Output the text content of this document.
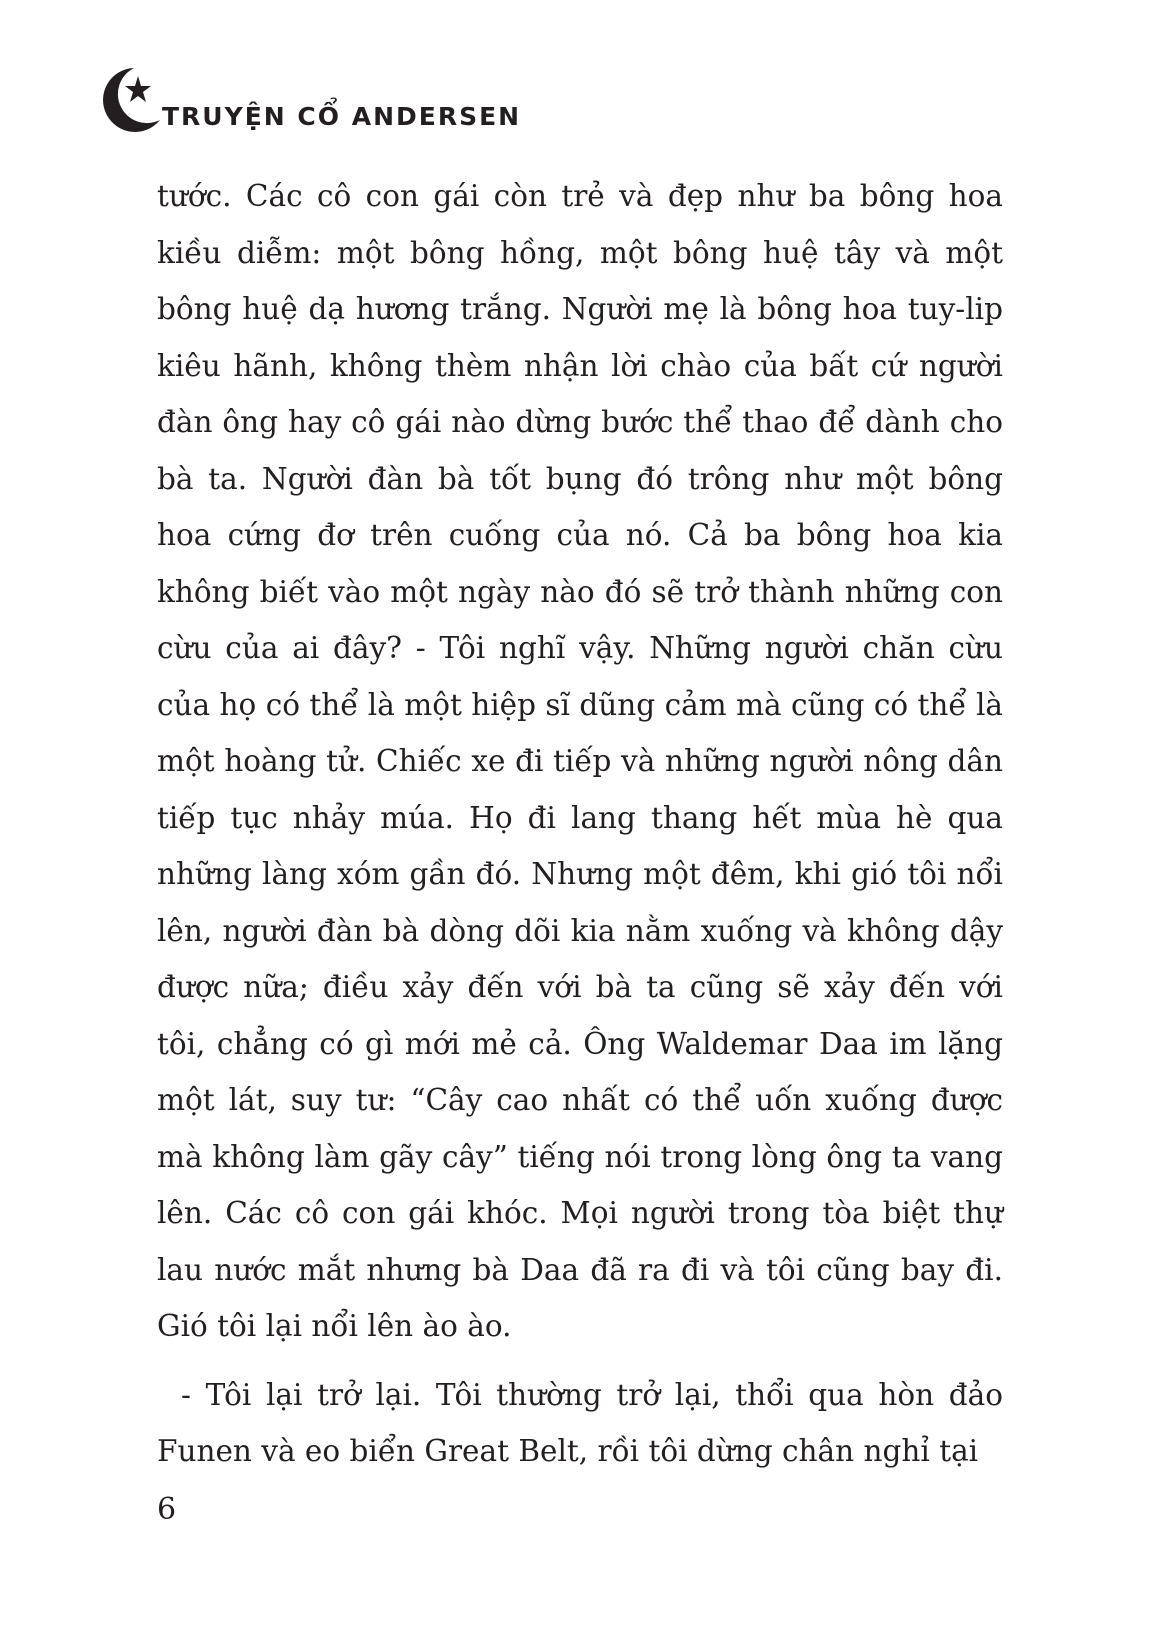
TRUYỆN CỔ ANDERSEN

tước. Các cô con gái còn trẻ và đẹp như ba bông hoa kiều diễm: một bông hồng, một bông huệ tây và một bông huệ dạ hương trắng. Người mẹ là bông hoa tuy-lip kiêu hãnh, không thèm nhận lời chào của bất cứ người đàn ông hay cô gái nào dừng bước thể thao để dành cho bà ta. Người đàn bà tốt bụng đó trông như một bông hoa cứng đơ trên cuống của nó. Cả ba bông hoa kia không biết vào một ngày nào đó sẽ trở thành những con cừu của ai đây? - Tôi nghĩ vậy. Những người chăn cừu của họ có thể là một hiệp sĩ dũng cảm mà cũng có thể là một hoàng tử. Chiếc xe đi tiếp và những người nông dân tiếp tục nhảy múa. Họ đi lang thang hết mùa hè qua những làng xóm gần đó. Nhưng một đêm, khi gió tôi nổi lên, người đàn bà dòng dõi kia nằm xuống và không dậy được nữa; điều xảy đến với bà ta cũng sẽ xảy đến với tôi, chẳng có gì mới mẻ cả. Ông Waldemar Daa im lặng một lát, suy tư: “Cây cao nhất có thể uốn xuống được mà không làm gãy cây” tiếng nói trong lòng ông ta vang lên. Các cô con gái khóc. Mọi người trong tòa biệt thự lau nước mắt nhưng bà Daa đã ra đi và tôi cũng bay đi. Gió tôi lại nổi lên ào ào.

- Tôi lại trở lại. Tôi thường trở lại, thổi qua hòn đảo Funen và eo biển Great Belt, rồi tôi dừng chân nghỉ tại

6
